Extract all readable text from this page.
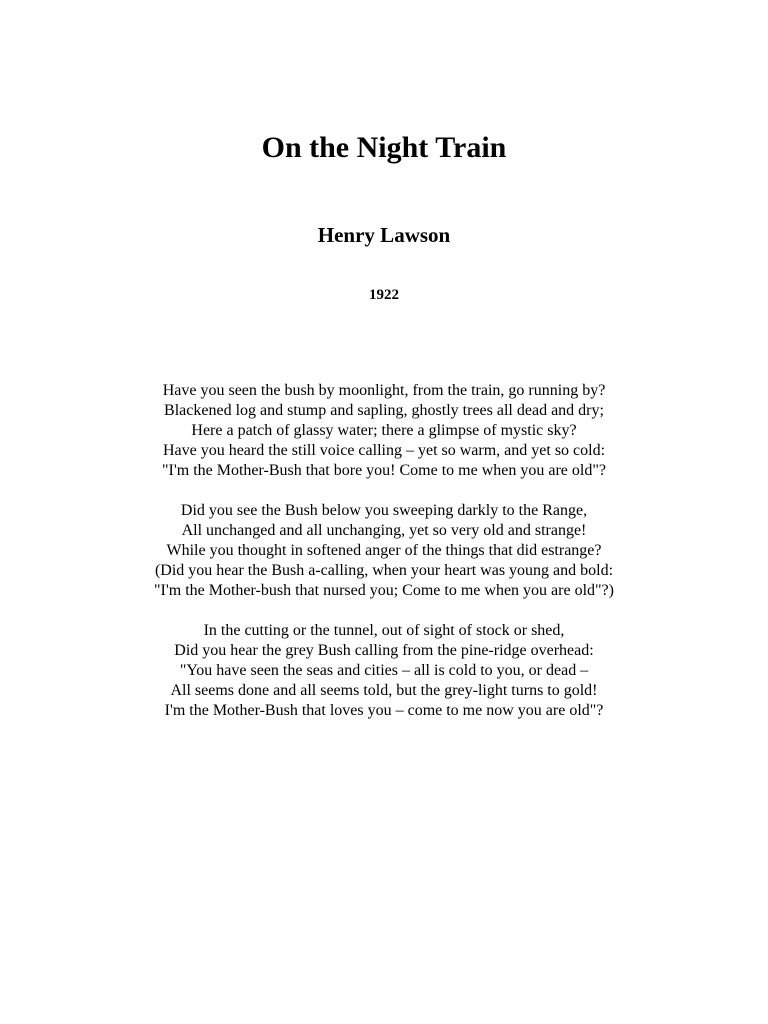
On the Night Train
Henry Lawson
1922

Have you seen the bush by moonlight, from the train, go running by?
Blackened log and stump and sapling, ghostly trees all dead and dry;
Here a patch of glassy water; there a glimpse of mystic sky?
Have you heard the still voice calling – yet so warm, and yet so cold:
"I'm the Mother-Bush that bore you! Come to me when you are old"?

Did you see the Bush below you sweeping darkly to the Range,
All unchanged and all unchanging, yet so very old and strange!
While you thought in softened anger of the things that did estrange?
(Did you hear the Bush a-calling, when your heart was young and bold:
"I'm the Mother-bush that nursed you; Come to me when you are old"?)

In the cutting or the tunnel, out of sight of stock or shed,
Did you hear the grey Bush calling from the pine-ridge overhead:
"You have seen the seas and cities – all is cold to you, or dead –
All seems done and all seems told, but the grey-light turns to gold!
I'm the Mother-Bush that loves you – come to me now you are old"?
